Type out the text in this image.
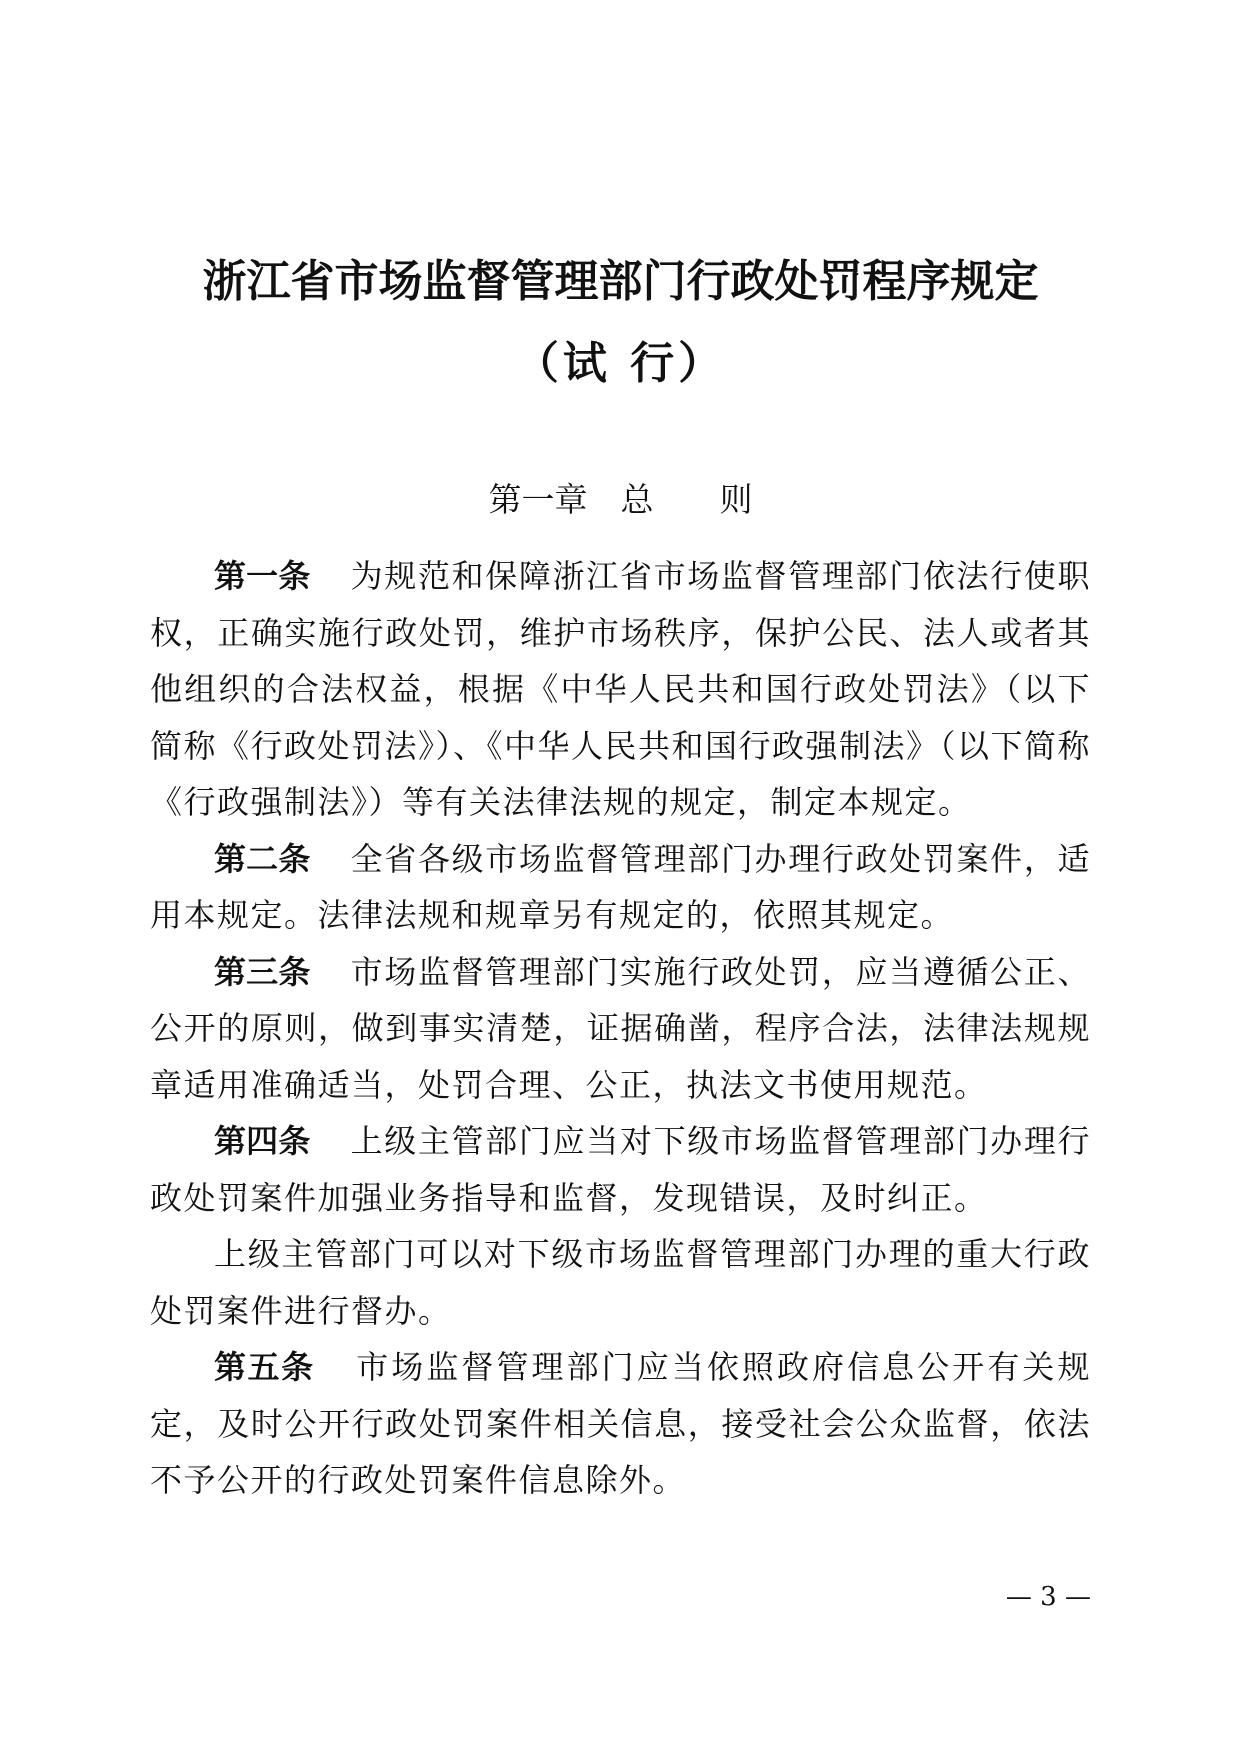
浙江省市场监督管理部门行政处罚程序规定
（试 行）
第一章　总　　则

第一条 为规范和保障浙江省市场监督管理部门依法行使职权，正确实施行政处罚，维护市场秩序，保护公民、法人或者其他组织的合法权益，根据《中华人民共和国行政处罚法》（以下简称《行政处罚法》）、《中华人民共和国行政强制法》（以下简称《行政强制法》）等有关法律法规的规定，制定本规定。

第二条 全省各级市场监督管理部门办理行政处罚案件，适用本规定。法律法规和规章另有规定的，依照其规定。

第三条 市场监督管理部门实施行政处罚，应当遵循公正、公开的原则，做到事实清楚，证据确凿，程序合法，法律法规规章适用准确适当，处罚合理、公正，执法文书使用规范。

第四条 上级主管部门应当对下级市场监督管理部门办理行政处罚案件加强业务指导和监督，发现错误，及时纠正。

上级主管部门可以对下级市场监督管理部门办理的重大行政处罚案件进行督办。

第五条 市场监督管理部门应当依照政府信息公开有关规定，及时公开行政处罚案件相关信息，接受社会公众监督，依法不予公开的行政处罚案件信息除外。

— 3 —
